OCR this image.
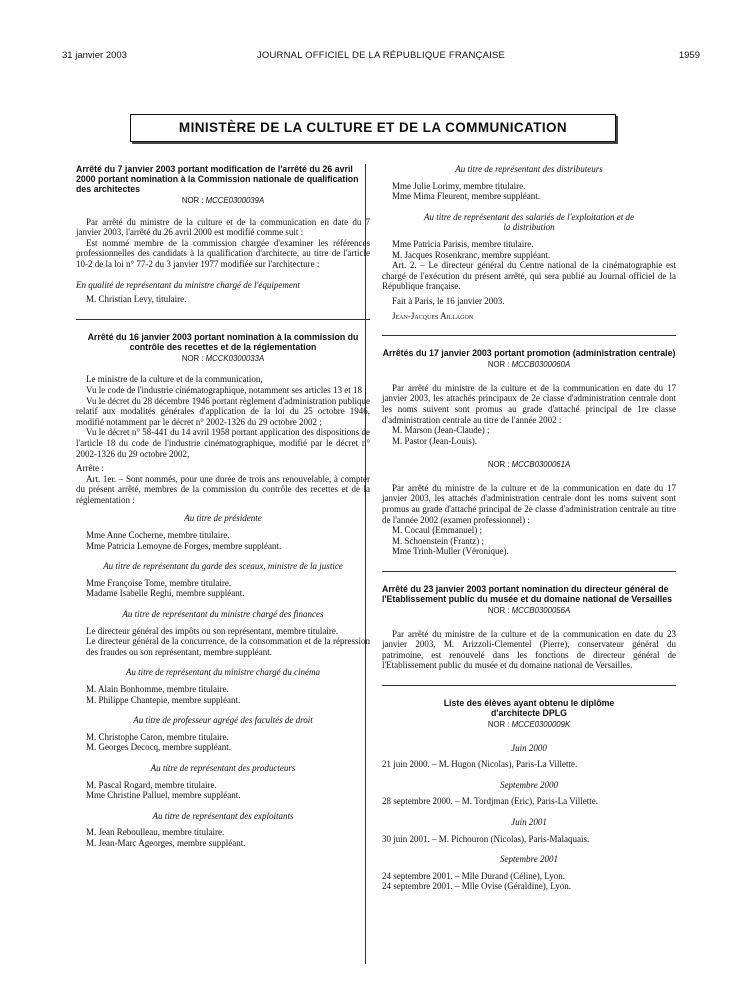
31 janvier 2003	JOURNAL OFFICIEL DE LA RÉPUBLIQUE FRANÇAISE	1959
MINISTÈRE DE LA CULTURE ET DE LA COMMUNICATION

Arrêté du 7 janvier 2003 portant modification de l'arrêté du 26 avril 2000 portant nomination à la Commission nationale de qualification des architectes

NOR : MCCE0300039A

Par arrêté du ministre de la culture et de la communication en date du 7 janvier 2003, l'arrêté du 26 avril 2000 est modifié comme suit :

Est nommé membre de la commission chargée d'examiner les références professionnelles des candidats à la qualification d'architecte, au titre de l'article 10-2 de la loi n° 77-2 du 3 janvier 1977 modifiée sur l'architecture :

En qualité de représentant du ministre chargé de l'équipement

M. Christian Levy, titulaire.

Arrêté du 16 janvier 2003 portant nomination à la commission du contrôle des recettes et de la réglementation

NOR : MCCK0300033A

Le ministre de la culture et de la communication,

Vu le code de l'industrie cinématographique, notamment ses articles 13 et 18 ;

Vu le décret du 28 décembre 1946 portant règlement d'administration publique relatif aux modalités générales d'application de la loi du 25 octobre 1946, modifié notamment par le décret n° 2002-1326 du 29 octobre 2002 ;

Vu le décret n° 58-441 du 14 avril 1958 portant application des dispositions de l'article 18 du code de l'industrie cinématographique, modifié par le décret n° 2002-1326 du 29 octobre 2002,

Arrête :

Art. 1er. – Sont nommés, pour une durée de trois ans renouvelable, à compter du présent arrêté, membres de la commission du contrôle des recettes et de la réglementation :

Au titre de présidente

Mme Anne Cocherne, membre titulaire.

Mme Patricia Lemoyne de Forges, membre suppléant.

Au titre de représentant du garde des sceaux, ministre de la justice

Mme Françoise Tome, membre titulaire.

Madame Isabelle Reghi, membre suppléant.

Au titre de représentant du ministre chargé des finances

Le directeur général des impôts ou son représentant, membre titulaire.

Le directeur général de la concurrence, de la consommation et de la répression des fraudes ou son représentant, membre suppléant.

Au titre de représentant du ministre chargé du cinéma

M. Alain Bonhomme, membre titulaire.

M. Philippe Chantepie, membre suppléant.

Au titre de professeur agrégé des facultés de droit

M. Christophe Caron, membre titulaire.

M. Georges Decocq, membre suppléant.

Au titre de représentant des producteurs

M. Pascal Rogard, membre titulaire.

Mme Christine Palluel, membre suppléant.

Au titre de représentant des exploitants

M. Jean Reboulleau, membre titulaire.

M. Jean-Marc Ageorges, membre suppléant.

Au titre de représentant des distributeurs

Mme Julie Lorimy, membre titulaire.

Mme Mima Fleurent, membre suppléant.

Au titre de représentant des salariés de l'exploitation et de la distribution

Mme Patricia Parisis, membre titulaire.

M. Jacques Rosenkranc, membre suppléant.

Art. 2. – Le directeur général du Centre national de la cinématographie est chargé de l'exécution du présent arrêté, qui sera publié au Journal officiel de la République française.

Fait à Paris, le 16 janvier 2003.

Jean-Jacques Aillagon

Arrêtés du 17 janvier 2003 portant promotion (administration centrale)

NOR : MCCB0300060A

Par arrêté du ministre de la culture et de la communication en date du 17 janvier 2003, les attachés principaux de 2e classe d'administration centrale dont les noms suivent sont promus au grade d'attaché principal de 1re classe d'administration centrale au titre de l'année 2002 :

M. Marson (Jean-Claude) ;

M. Pastor (Jean-Louis).

NOR : MCCB0300061A

Par arrêté du ministre de la culture et de la communication en date du 17 janvier 2003, les attachés d'administration centrale dont les noms suivent sont promus au grade d'attaché principal de 2e classe d'administration centrale au titre de l'année 2002 (examen professionnel) :

M. Cocaul (Emmanuel) ;

M. Schoenstein (Frantz) ;

Mme Trinh-Muller (Véronique).

Arrêté du 23 janvier 2003 portant nomination du directeur général de l'Etablissement public du musée et du domaine national de Versailles

NOR : MCCB0300056A

Par arrêté du ministre de la culture et de la communication en date du 23 janvier 2003, M. Arizzoli-Clementel (Pierre), conservateur général du patrimoine, est renouvelé dans les fonctions de directeur général de l'Etablissement public du musée et du domaine national de Versailles.

Liste des élèves ayant obtenu le diplôme d'architecte DPLG

NOR : MCCE0300009K

Juin 2000

21 juin 2000. – M. Hugon (Nicolas), Paris-La Villette.

Septembre 2000

28 septembre 2000. – M. Tordjman (Eric), Paris-La Villette.

Juin 2001

30 juin 2001. – M. Pichouron (Nicolas), Paris-Malaquais.

Septembre 2001

24 septembre 2001. – Mlle Durand (Céline), Lyon.

24 septembre 2001. – Mlle Ovise (Géraldine), Lyon.
